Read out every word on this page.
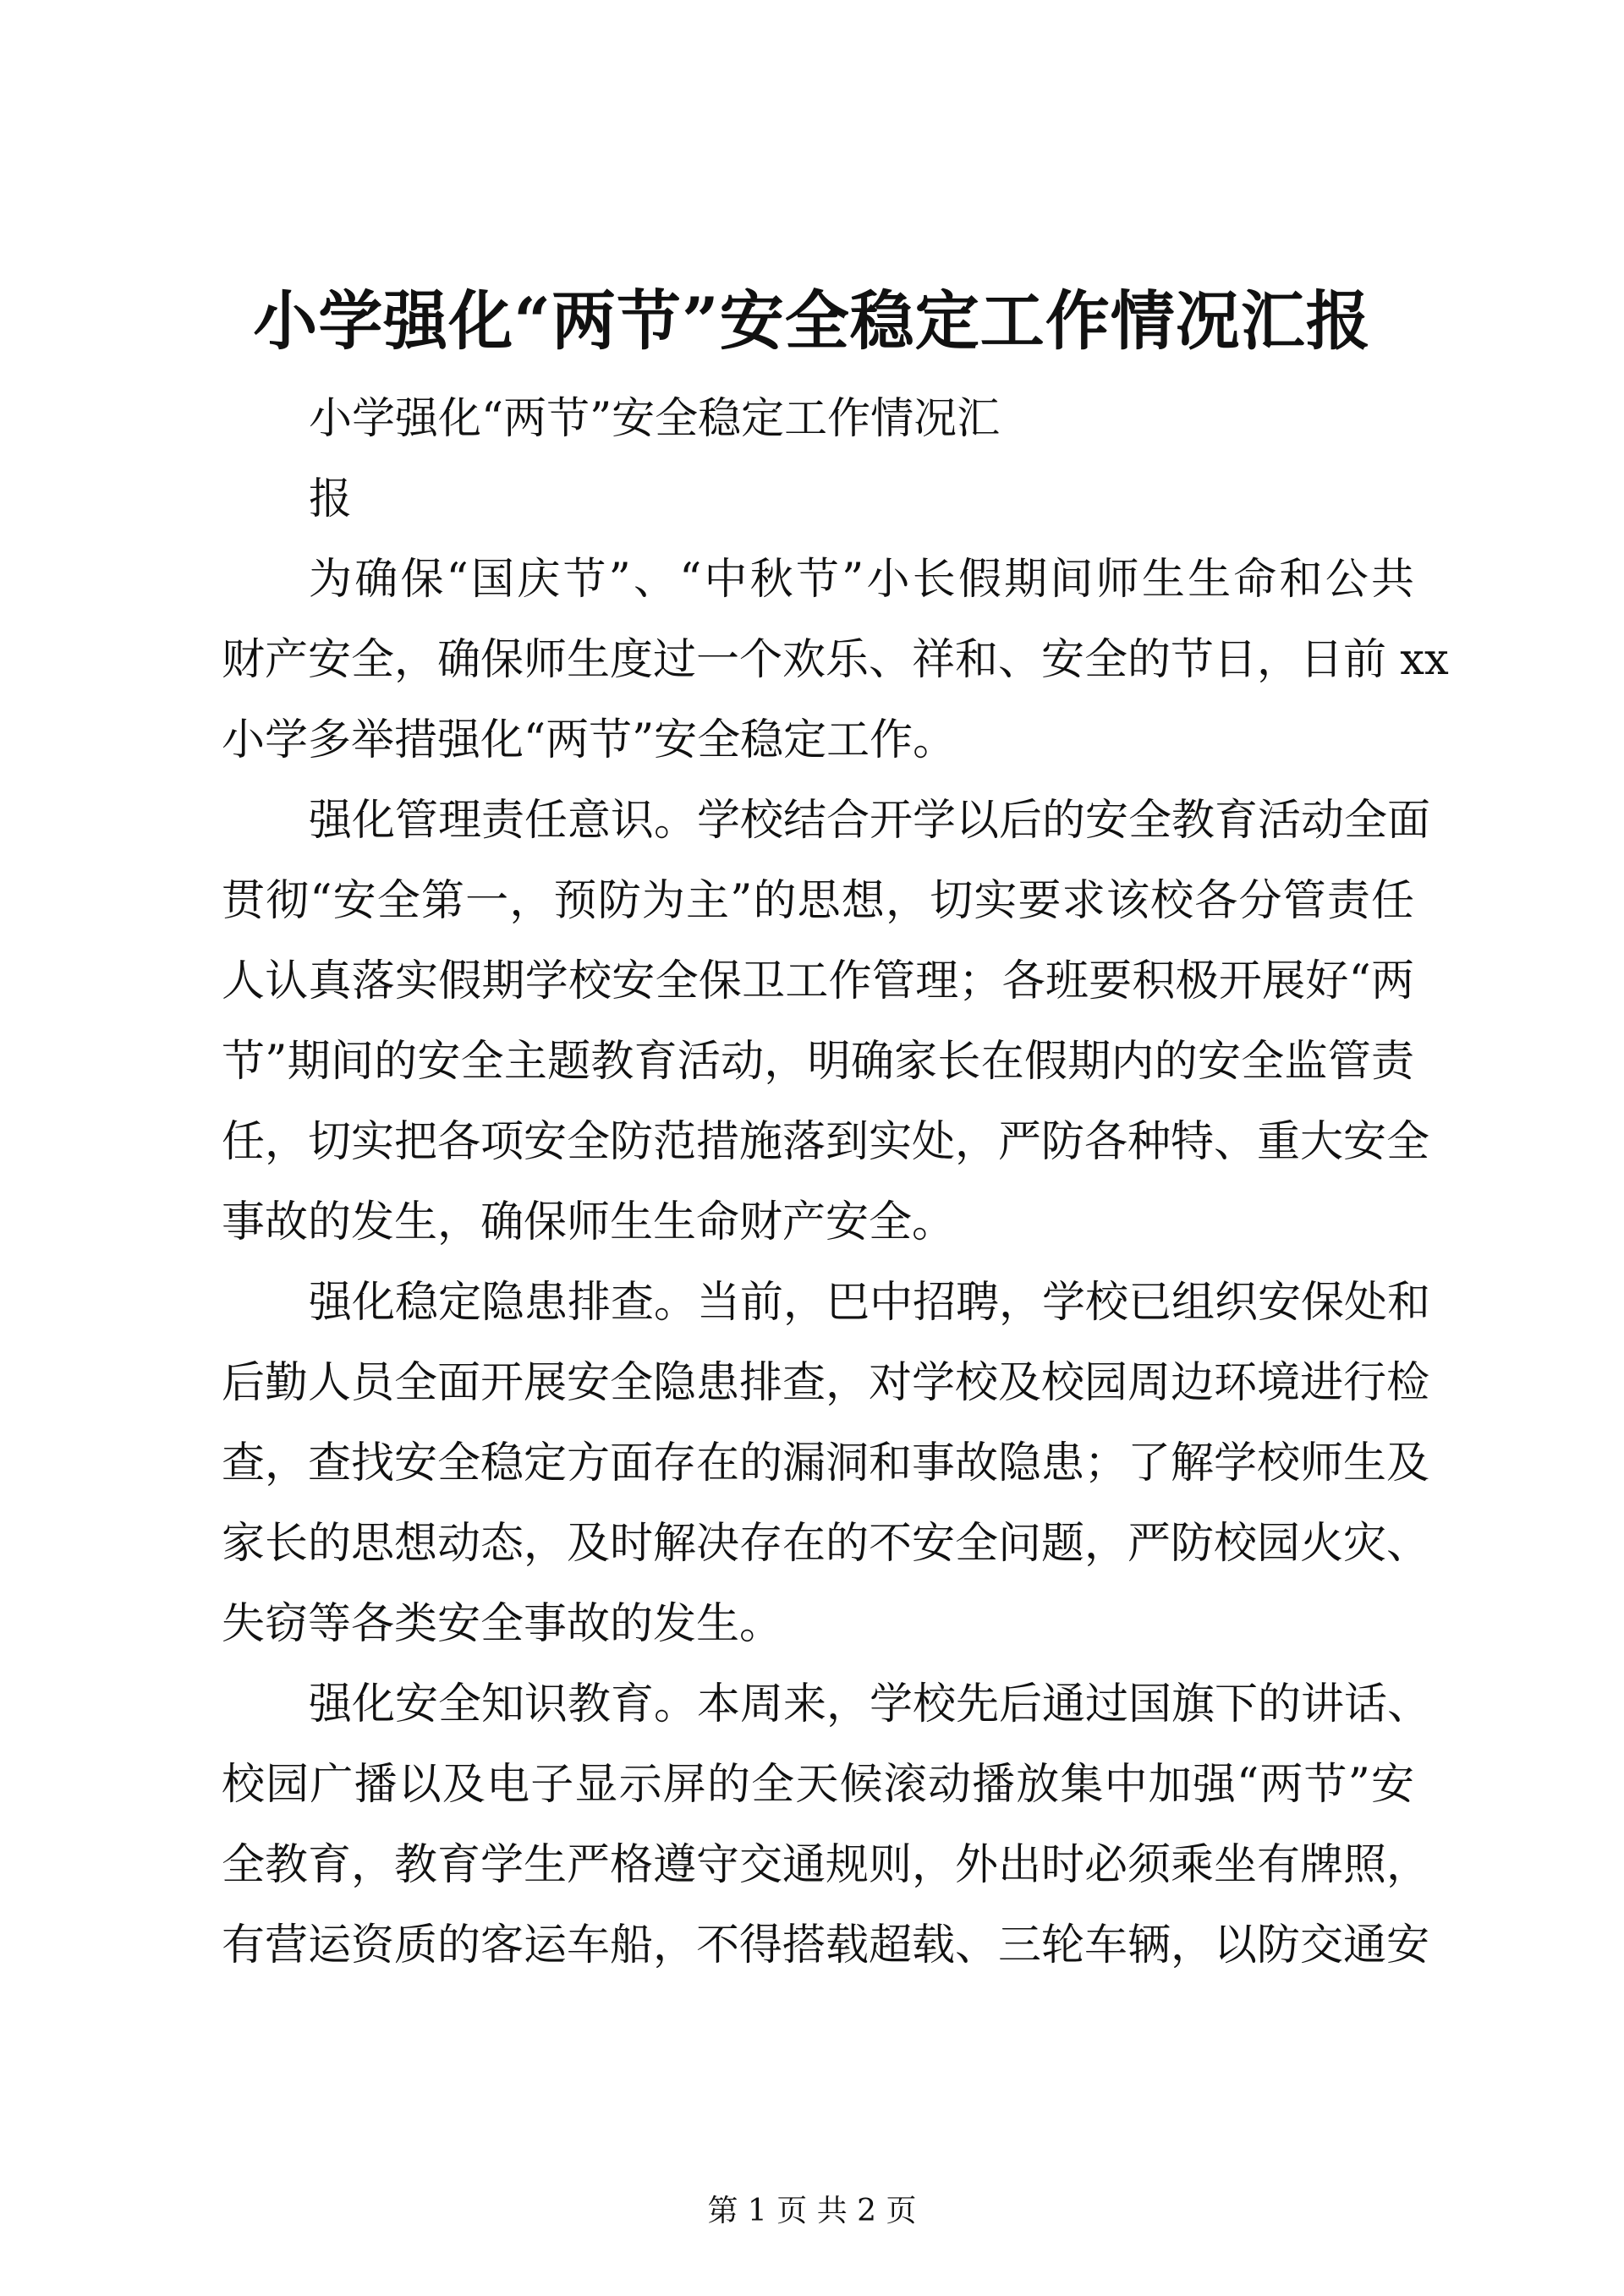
小学强化“两节”安全稳定工作情况汇报
小学强化“两节”安全稳定工作情况汇
报
为确保“国庆节”、“中秋节”小长假期间师生生命和公共
财产安全，确保师生度过一个欢乐、祥和、安全的节日，日前 xx
小学多举措强化“两节”安全稳定工作。
强化管理责任意识。学校结合开学以后的安全教育活动全面
贯彻“安全第一，预防为主”的思想，切实要求该校各分管责任
人认真落实假期学校安全保卫工作管理；各班要积极开展好“两
节”期间的安全主题教育活动，明确家长在假期内的安全监管责
任，切实把各项安全防范措施落到实处，严防各种特、重大安全
事故的发生，确保师生生命财产安全。
强化稳定隐患排查。当前，巴中招聘，学校已组织安保处和
后勤人员全面开展安全隐患排查，对学校及校园周边环境进行检
查，查找安全稳定方面存在的漏洞和事故隐患；了解学校师生及
家长的思想动态，及时解决存在的不安全问题，严防校园火灾、
失窃等各类安全事故的发生。
强化安全知识教育。本周来，学校先后通过国旗下的讲话、
校园广播以及电子显示屏的全天候滚动播放集中加强“两节”安
全教育，教育学生严格遵守交通规则，外出时必须乘坐有牌照，
有营运资质的客运车船，不得搭载超载、三轮车辆，以防交通安
第 1 页 共 2 页
